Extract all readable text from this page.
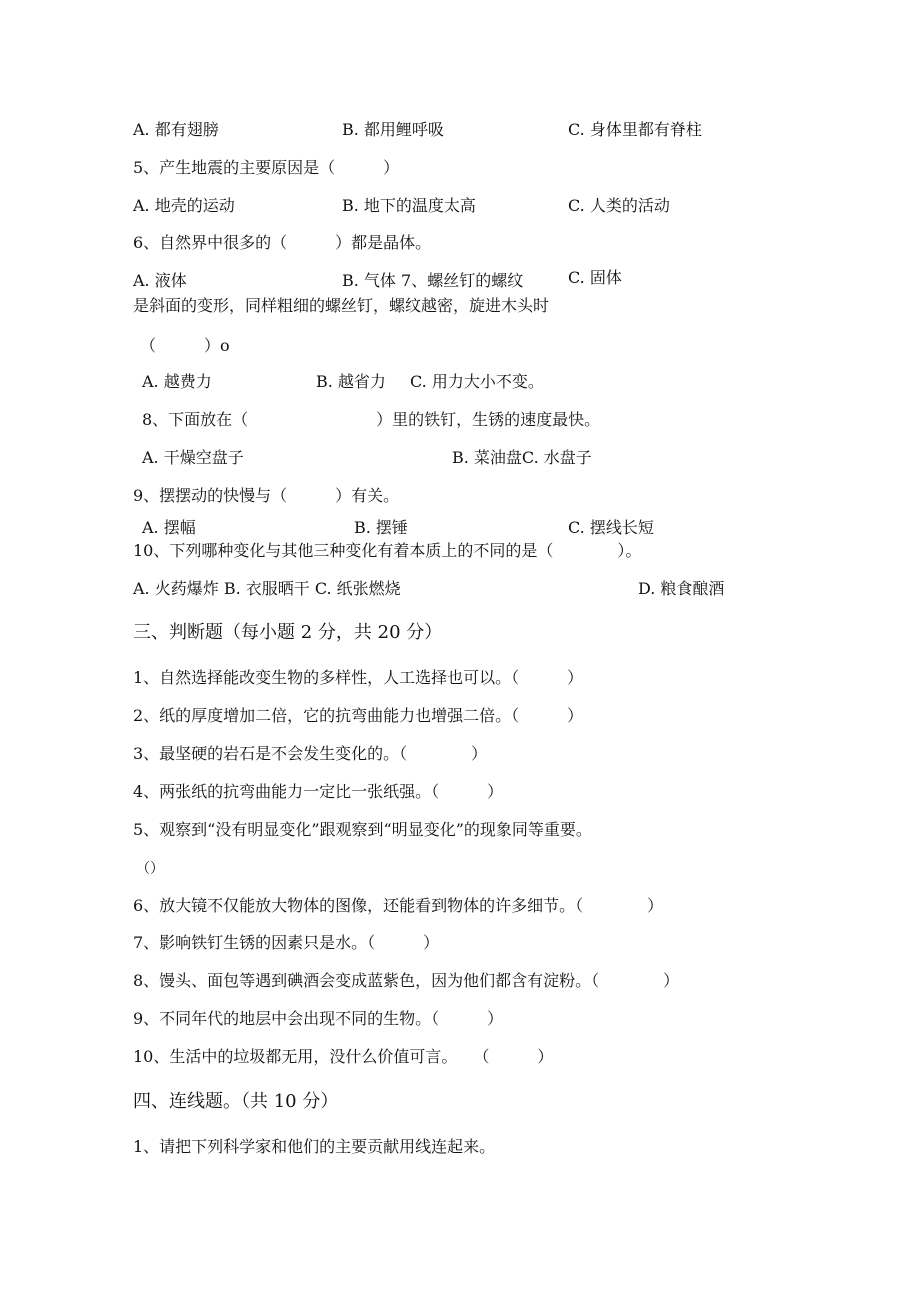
A. 都有翅膀	B. 都用鲤呼吸	C. 身体里都有脊柱
5、产生地震的主要原因是（　　　）
A. 地壳的运动	B. 地下的温度太高	C. 人类的活动
6、自然界中很多的（　　　）都是晶体。
A. 液体	B. 气体 7、螺丝钉的螺纹	C. 固体
是斜面的变形，同样粗细的螺丝钉，螺纹越密，旋进木头时
（　　　）o
A. 越费力	B. 越省力 C. 用力大小不变。
8、下面放在（　　　　　　　　）里的铁钉，生锈的速度最快。
A. 干燥空盘子	B. 菜油盘C. 水盘子
9、摆摆动的快慢与（　　　）有关。
A. 摆幅	B. 摆锤	C. 摆线长短
10、下列哪种变化与其他三种变化有着本质上的不同的是（　　　　）。
A. 火药爆炸 B. 衣服晒干 C. 纸张燃烧	D. 粮食酿酒
三、判断题（每小题 2 分，共 20 分）
1、自然选择能改变生物的多样性，人工选择也可以。（　　　）
2、纸的厚度增加二倍，它的抗弯曲能力也增强二倍。（　　　）
3、最坚硬的岩石是不会发生变化的。（　　　　）
4、两张纸的抗弯曲能力一定比一张纸强。（　　　）
5、观察到“没有明显变化”跟观察到“明显变化”的现象同等重要。
（）
6、放大镜不仅能放大物体的图像，还能看到物体的许多细节。（　　　　）
7、影响铁钉生锈的因素只是水。（　　　）
8、馒头、面包等遇到碘酒会变成蓝紫色，因为他们都含有淀粉。（　　　　）
9、不同年代的地层中会出现不同的生物。（　　　）
10、生活中的垃圾都无用，没什么价值可言。　　（　　　）
四、连线题。（共 10 分）
1、请把下列科学家和他们的主要贡献用线连起来。
